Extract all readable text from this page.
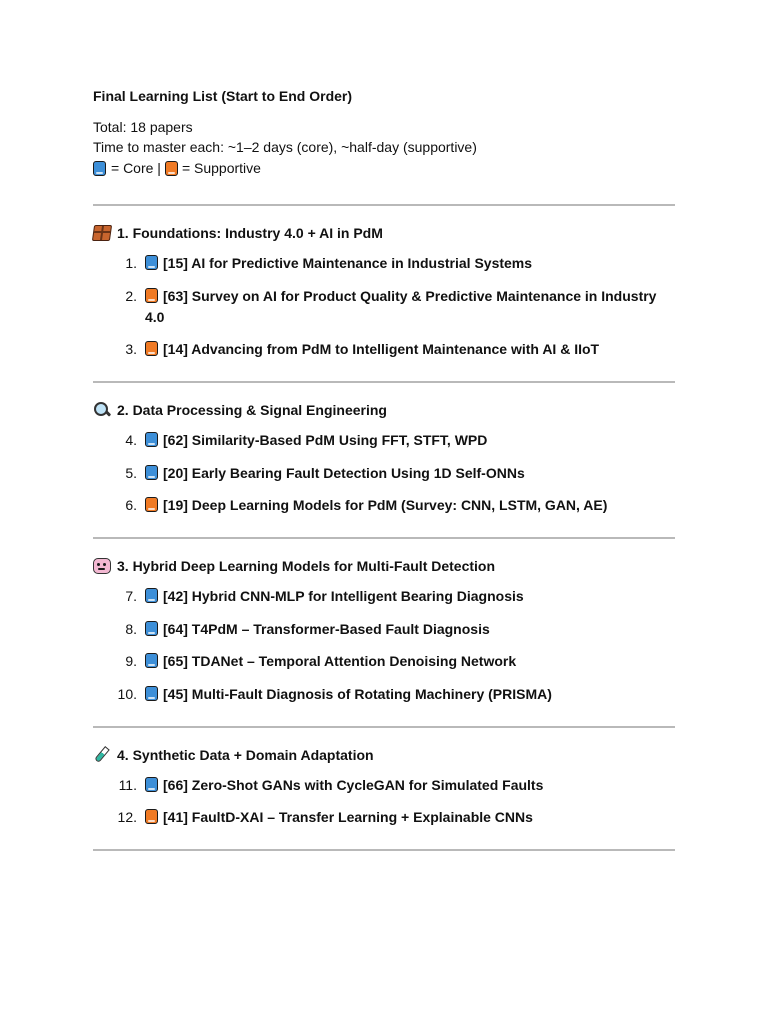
Final Learning List (Start to End Order)
Total: 18 papers
Time to master each: ~1–2 days (core), ~half-day (supportive)
= Core | = Supportive
1. Foundations: Industry 4.0 + AI in PdM
1.	[15] AI for Predictive Maintenance in Industrial Systems
2.	[63] Survey on AI for Product Quality & Predictive Maintenance in Industry 4.0
3.	[14] Advancing from PdM to Intelligent Maintenance with AI & IIoT
2. Data Processing & Signal Engineering
4.	[62] Similarity-Based PdM Using FFT, STFT, WPD
5.	[20] Early Bearing Fault Detection Using 1D Self-ONNs
6.	[19] Deep Learning Models for PdM (Survey: CNN, LSTM, GAN, AE)
3. Hybrid Deep Learning Models for Multi-Fault Detection
7.	[42] Hybrid CNN-MLP for Intelligent Bearing Diagnosis
8.	[64] T4PdM – Transformer-Based Fault Diagnosis
9.	[65] TDANet – Temporal Attention Denoising Network
10.	[45] Multi-Fault Diagnosis of Rotating Machinery (PRISMA)
4. Synthetic Data + Domain Adaptation
11.	[66] Zero-Shot GANs with CycleGAN for Simulated Faults
12.	[41] FaultD-XAI – Transfer Learning + Explainable CNNs
